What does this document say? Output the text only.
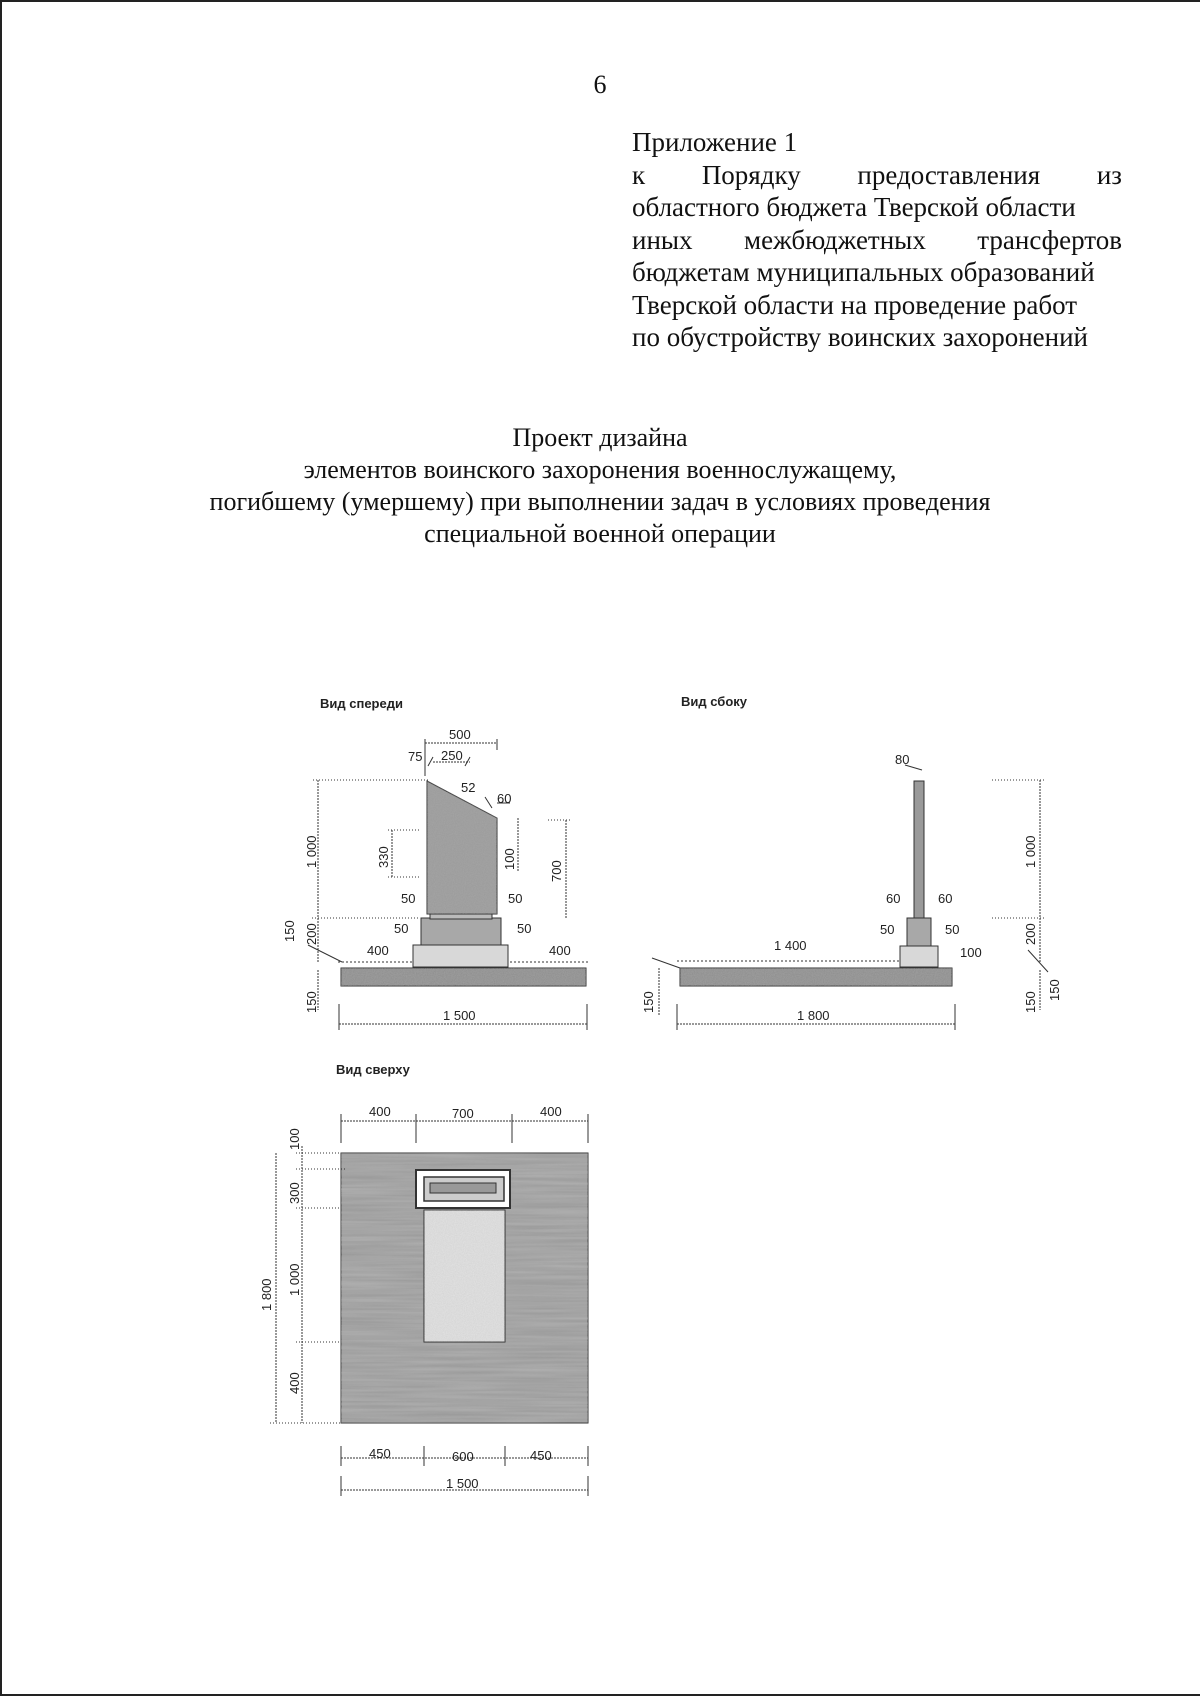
6
Приложение 1
к Порядку предоставления из
областного бюджета Тверской области
иных межбюджетных трансфертов
бюджетам муниципальных образований
Тверской области на проведение работ
по обустройству воинских захоронений
Проект дизайна
элементов воинского захоронения военнослужащему,
погибшему (умершему) при выполнении задач в условиях проведения
специальной военной операции
Вид спереди	Вид сбоку
Вид сверху
500
75 250
52
60
50	50
50	50
400	400
1 500
1 000	330	100
700
200
150
150
80
60	60
50	50
1 400	100
1 800
1 000
200
150
150
150
400	700	400
450	600	450
1 500
100
300
1 000
400
1 800
